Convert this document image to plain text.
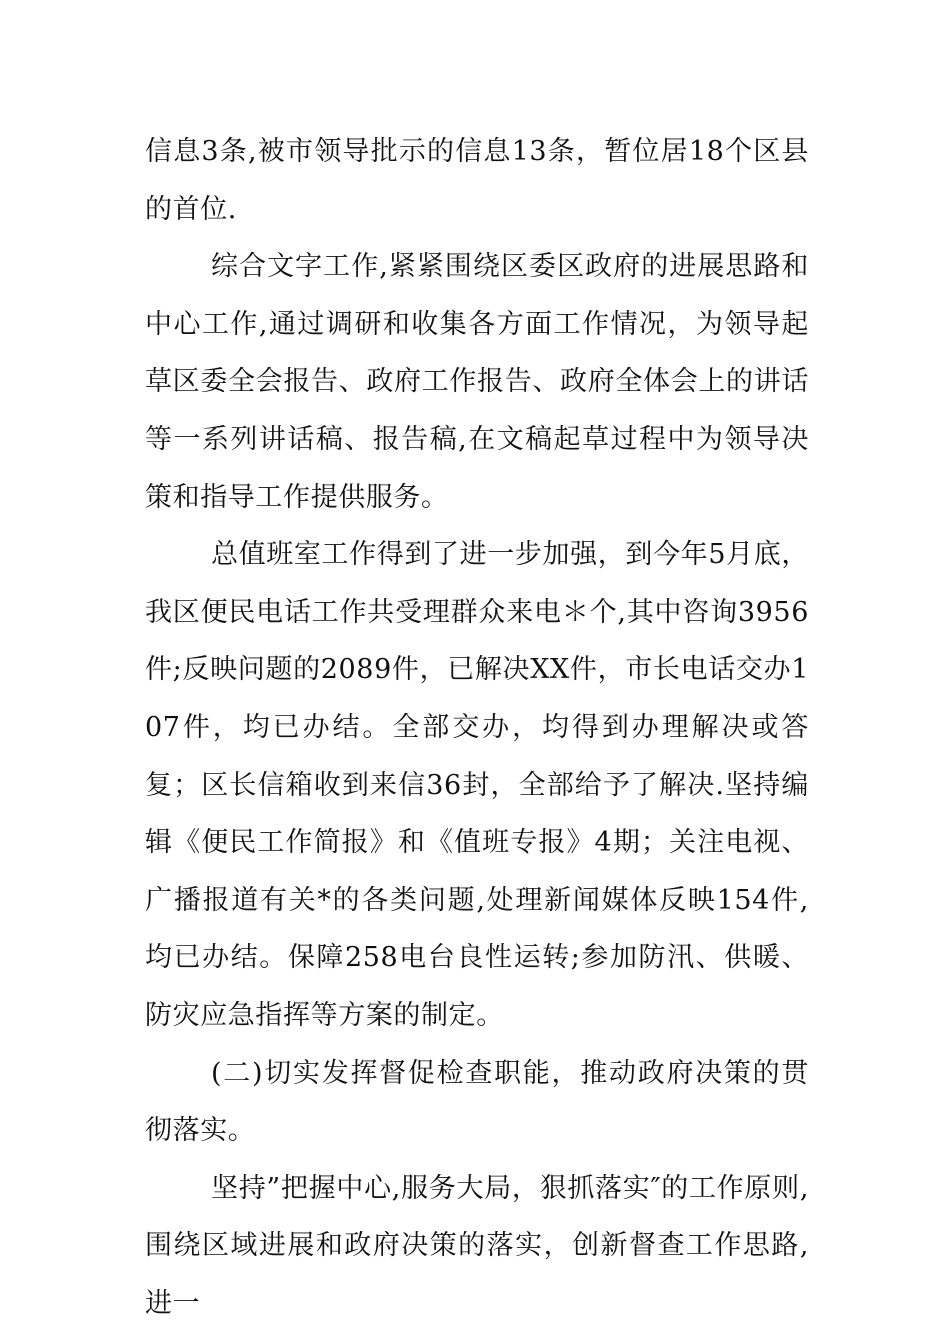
信息3条,被市领导批示的信息13条，暂位居18个区县的首位.

综合文字工作,紧紧围绕区委区政府的进展思路和中心工作,通过调研和收集各方面工作情况，为领导起草区委全会报告、政府工作报告、政府全体会上的讲话等一系列讲话稿、报告稿,在文稿起草过程中为领导决策和指导工作提供服务。

总值班室工作得到了进一步加强，到今年5月底，我区便民电话工作共受理群众来电＊个,其中咨询3956件;反映问题的2089件，已解决XX件，市长电话交办107件，均已办结。全部交办，均得到办理解决或答复；区长信箱收到来信36封，全部给予了解决.坚持编辑《便民工作简报》和《值班专报》4期；关注电视、广播报道有关*的各类问题,处理新闻媒体反映154件,均已办结。保障258电台良性运转;参加防汛、供暖、防灾应急指挥等方案的制定。

(二)切实发挥督促检查职能，推动政府决策的贯彻落实。

坚持”把握中心,服务大局，狠抓落实″的工作原则,围绕区域进展和政府决策的落实，创新督查工作思路,进一
